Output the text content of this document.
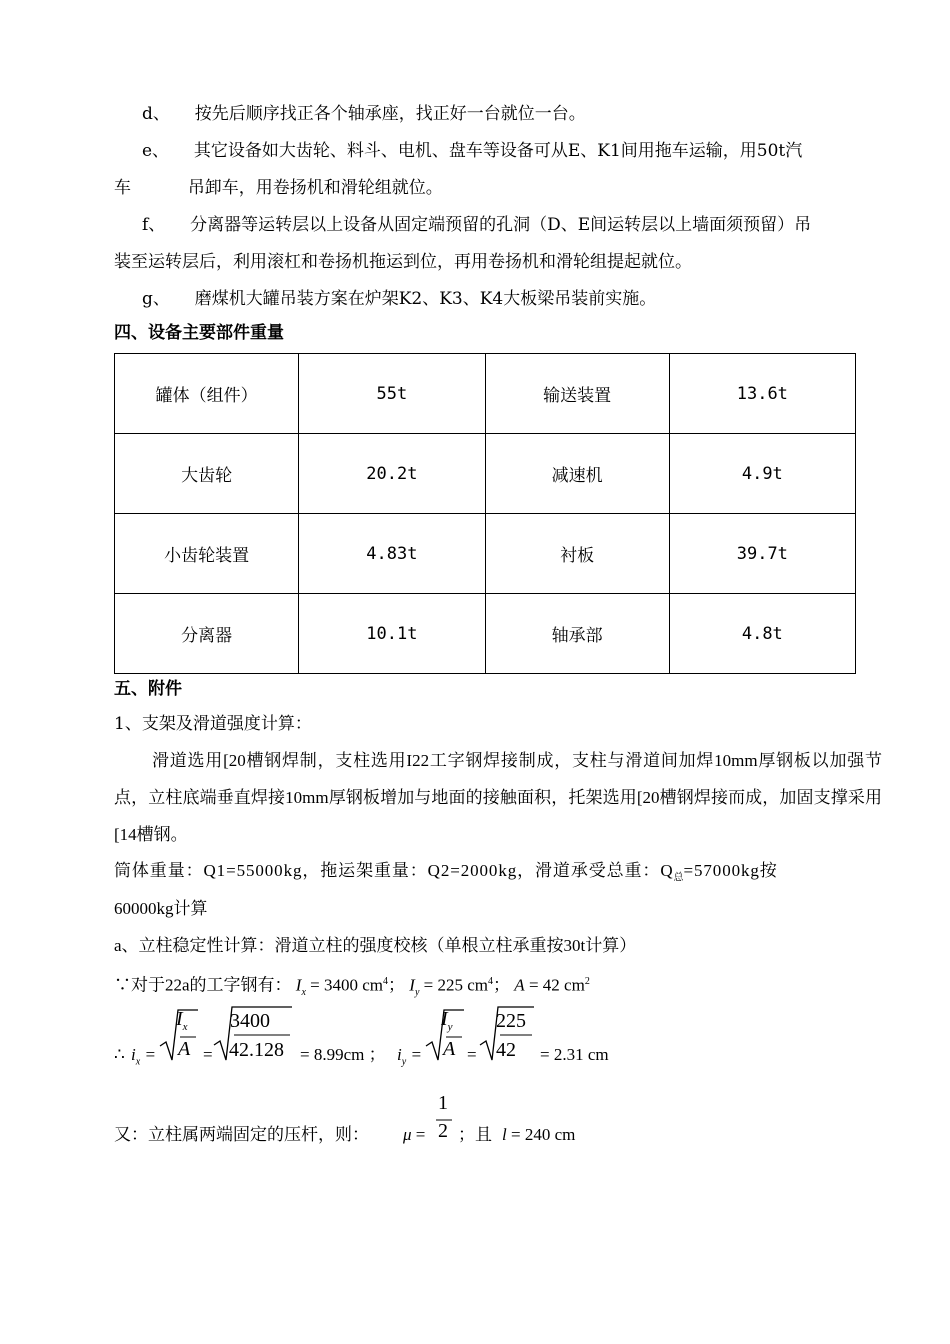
d、 按先后顺序找正各个轴承座，找正好一台就位一台。
e、 其它设备如大齿轮、料斗、电机、盘车等设备可从E、K1间用拖车运输，用50t汽
车	吊卸车，用卷扬机和滑轮组就位。
f、 分离器等运转层以上设备从固定端预留的孔洞（D、E间运转层以上墙面须预留）吊
装至运转层后，利用滚杠和卷扬机拖运到位，再用卷扬机和滑轮组提起就位。
g、 磨煤机大罐吊装方案在炉架K2、K3、K4大板梁吊装前实施。
四、设备主要部件重量
罐体（组件）	55t	输送装置	13.6t
大齿轮	20.2t	减速机	4.9t
小齿轮装置	4.83t	衬板	39.7t
分离器	10.1t	轴承部	4.8t
五、附件
1、支架及滑道强度计算：
滑道选用[20槽钢焊制，支柱选用I22工字钢焊接制成，支柱与滑道间加焊10mm厚钢板以加强节点，立柱底端垂直焊接10mm厚钢板增加与地面的接触面积，托架选用[20槽钢焊接而成，加固支撑采用[14槽钢。
筒体重量：Q1=55000kg，拖运架重量：Q2=2000kg，滑道承受总重：$Q_总=57000kg$按
60000kg计算
a、立柱稳定性计算：滑道立柱的强度校核（单根立柱承重按30t计算）
∵对于22a的工字钢有： $I_x = 3400$ $cm^4$； $I_y = 225$ $cm^4$； A = 42 $cm^2$
∴ $i_x$ =
$I_x$
A =
3400
42.128 = 8.99cm ； $i_y$ =
$I_y$
A =
225
42 = 2.31 cm
又：立柱属两端固定的压杆，则： μ =
1
2 ；且 l = 240 cm
